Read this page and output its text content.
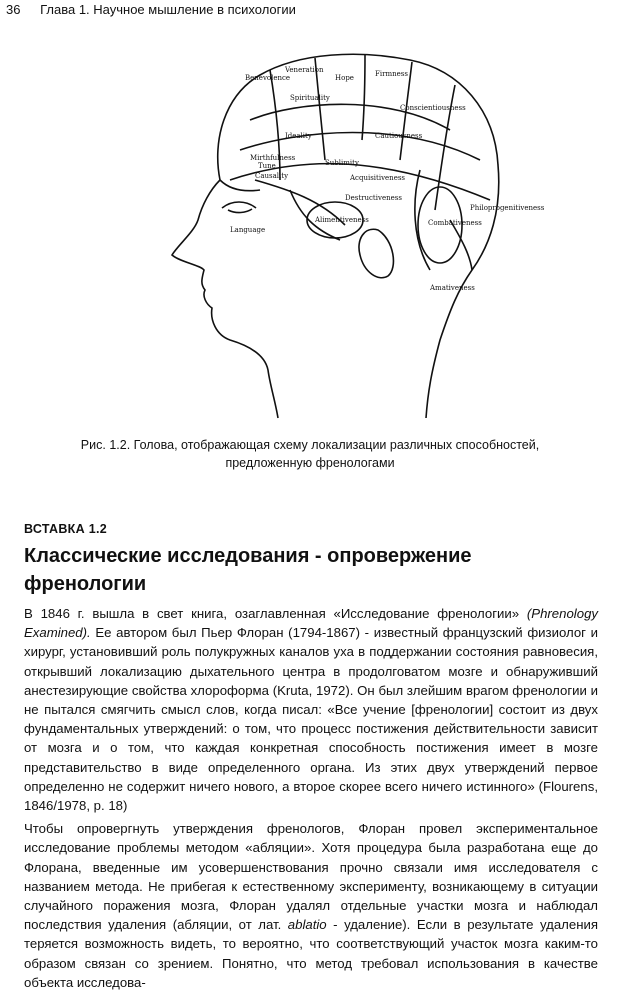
36 Глава 1. Научное мышление в психологии
Benevolence
Veneration
Spirituality
Hope	Firmness
Conscientiousness
Ideality	Cautiousness
Sublimity
Mirthfulness
Causality
Tune
Acquisitiveness
Destructiveness
Alimentiveness	Combativeness
Amativeness
Language
Philoprogenitiveness
Рис. 1.2. Голова, отображающая схему локализации различных способностей,
предложенную френологами
ВСТАВКА 1.2
Классические исследования - опровержение френологии

В 1846 г. вышла в свет книга, озаглавленная «Исследование френологии» (Phrenology Examined). Ее автором был Пьер Флоран (1794-1867) - известный французский физиолог и хирург, установивший роль полукружных каналов уха в поддержании состояния равновесия, открывший локализацию дыхательного центра в продолговатом мозге и обнаруживший анестезирующие свойства хлороформа (Kruta, 1972). Он был злейшим врагом френологии и не пытался смягчить смысл слов, когда писал: «Все учение [френологии] состоит из двух фундаментальных утверждений: о том, что процесс постижения действительности зависит от мозга и о том, что каждая конкретная способность постижения имеет в мозге представительство в виде определенного органа. Из этих двух утверждений первое определенно не содержит ничего нового, а второе скорее всего ничего истинного» (Flourens, 1846/1978, р. 18)

Чтобы опровергнуть утверждения френологов, Флоран провел экспериментальное исследование проблемы методом «абляции». Хотя процедура была разработана еще до Флорана, введенные им усовершенствования прочно связали имя исследователя с названием метода. Не прибегая к естественному эксперименту, возникающему в ситуации случайного поражения мозга, Флоран удалял отдельные участки мозга и наблюдал последствия удаления (абляции, от лат. ablatio - удаление). Если в результате удаления теряется возможность видеть, то вероятно, что соответствующий участок мозга каким-то образом связан со зрением. Понятно, что метод требовал использования в качестве объекта исследова-
